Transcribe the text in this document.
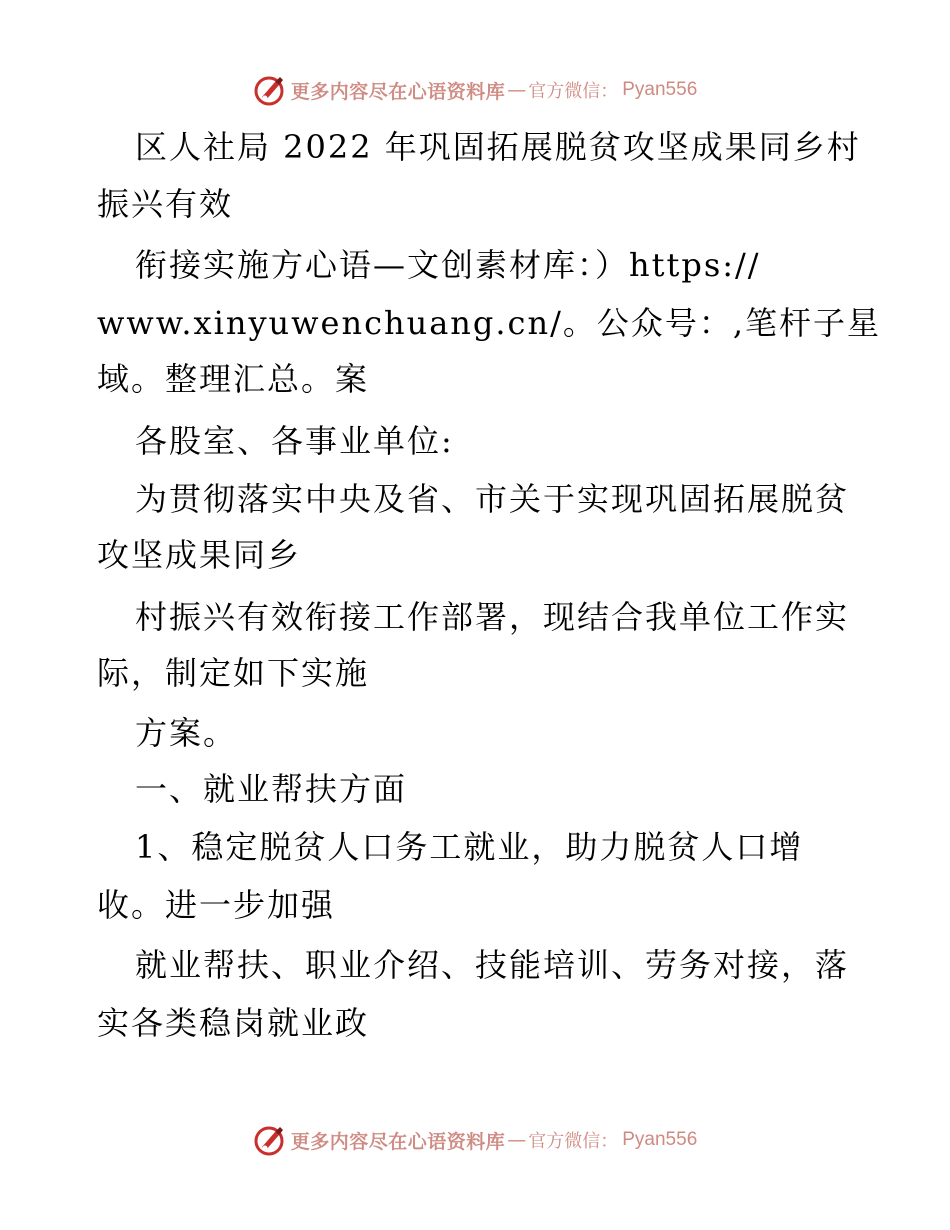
更多内容尽在心语资料库 — 官方微信： Pyan556
区人社局 2022 年巩固拓展脱贫攻坚成果同乡村
振兴有效
衔接实施方心语—文创素材库：）https://
www.xinyuwenchuang.cn/。公众号：,笔杆子星
域。整理汇总。案
各股室、各事业单位:
为贯彻落实中央及省、市关于实现巩固拓展脱贫
攻坚成果同乡
村振兴有效衔接工作部署，现结合我单位工作实
际，制定如下实施
方案。
一、就业帮扶方面
1、稳定脱贫人口务工就业，助力脱贫人口增
收。进一步加强
就业帮扶、职业介绍、技能培训、劳务对接，落
实各类稳岗就业政
更多内容尽在心语资料库 — 官方微信： Pyan556
